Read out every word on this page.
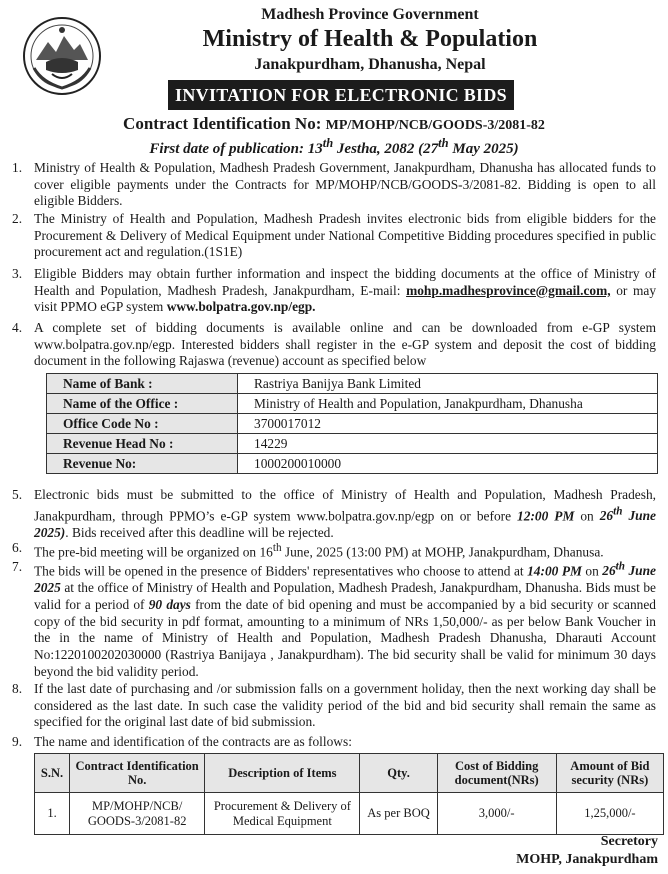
Madhesh Province Government
Ministry of Health & Population
Janakpurdham, Dhanusha, Nepal
INVITATION FOR ELECTRONIC BIDS
Contract Identification No: MP/MOHP/NCB/GOODS-3/2081-82
First date of publication: 13th Jestha, 2082 (27th May 2025)
1. Ministry of Health & Population, Madhesh Pradesh Government, Janakpurdham, Dhanusha has allocated funds to cover eligible payments under the Contracts for MP/MOHP/NCB/GOODS-3/2081-82. Bidding is open to all eligible Bidders.
2. The Ministry of Health and Population, Madhesh Pradesh invites electronic bids from eligible bidders for the Procurement & Delivery of Medical Equipment under National Competitive Bidding procedures specified in public procurement act and regulation.(1S1E)
3. Eligible Bidders may obtain further information and inspect the bidding documents at the office of Ministry of Health and Population, Madhesh Pradesh, Janakpurdham, E-mail: mohp.madhesprovince@gmail.com, or may visit PPMO eGP system www.bolpatra.gov.np/egp.
4. A complete set of bidding documents is available online and can be downloaded from e-GP system www.bolpatra.gov.np/egp. Interested bidders shall register in the e-GP system and deposit the cost of bidding document in the following Rajaswa (revenue) account as specified below
Name of Bank :	Rastriya Banijya Bank Limited
Name of the Office :	Ministry of Health and Population, Janakpurdham, Dhanusha
Office Code No :	3700017012
Revenue Head No :	14229
Revenue No:	1000200010000
5. Electronic bids must be submitted to the office of Ministry of Health and Population, Madhesh Pradesh, Janakpurdham, through PPMO’s e-GP system www.bolpatra.gov.np/egp on or before 12:00 PM on 26th June 2025). Bids received after this deadline will be rejected.
6. The pre-bid meeting will be organized on 16th June, 2025 (13:00 PM) at MOHP, Janakpurdham, Dhanusa.
7. The bids will be opened in the presence of Bidders' representatives who choose to attend at 14:00 PM on 26th June 2025 at the office of Ministry of Health and Population, Madhesh Pradesh, Janakpurdham, Dhanusha. Bids must be valid for a period of 90 days from the date of bid opening and must be accompanied by a bid security or scanned copy of the bid security in pdf format, amounting to a minimum of NRs 1,50,000/- as per below Bank Voucher in the in the name of Ministry of Health and Population, Madhesh Pradesh Dhanusha, Dharauti Account No:1220100202030000 (Rastriya Banijaya , Janakpurdham). The bid security shall be valid for minimum 30 days beyond the bid validity period.
8. If the last date of purchasing and /or submission falls on a government holiday, then the next working day shall be considered as the last date. In such case the validity period of the bid and bid security shall remain the same as specified for the original last date of bid submission.
9. The name and identification of the contracts are as follows:
S.N.	Contract Identification No.	Description of Items	Qty.	Cost of Bidding document(NRs)	Amount of Bid security (NRs)
1.	MP/MOHP/NCB/ GOODS-3/2081-82	Procurement & Delivery of Medical Equipment	As per BOQ	3,000/-	1,25,000/-
Secretory
MOHP, Janakpurdham
